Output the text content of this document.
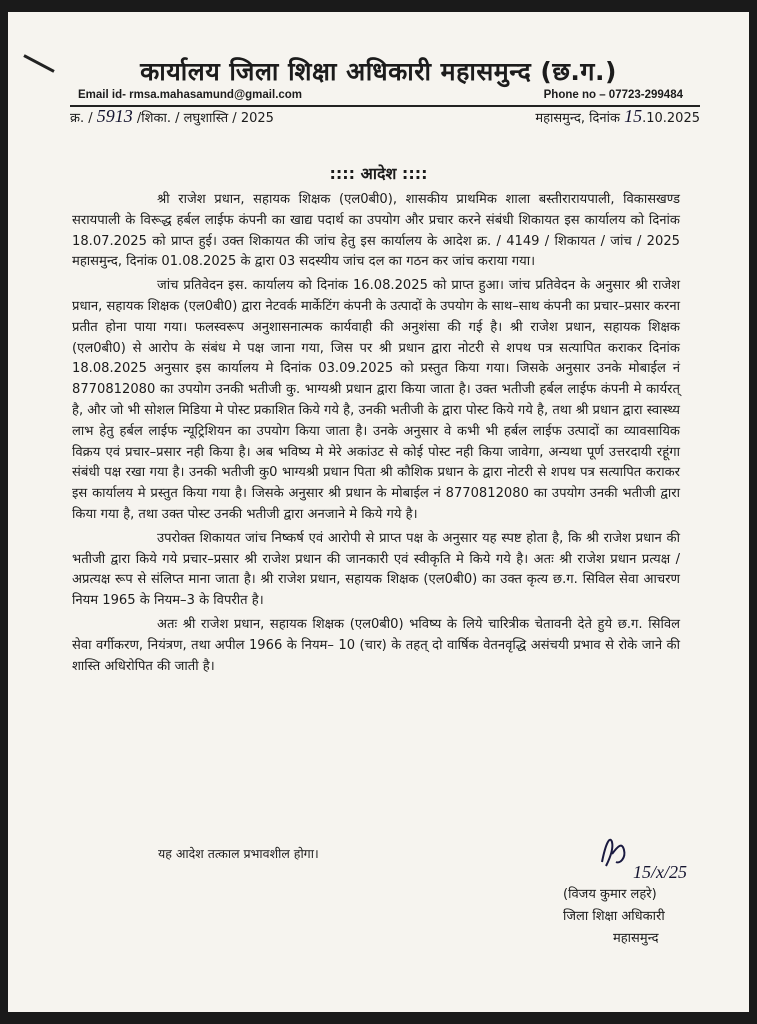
कार्यालय जिला शिक्षा अधिकारी महासमुन्द (छ.ग.)
Email id- rmsa.mahasamund@gmail.com	Phone no – 07723-299484
क्र. / 5913 /शिका. / लघुशास्ति / 2025	महासमुन्द, दिनांक 15.10.2025
:::: आदेश ::::

श्री राजेश प्रधान, सहायक शिक्षक (एल0बी0), शासकीय प्राथमिक शाला बस्तीरारायपाली, विकासखण्ड सरायपाली के विरूद्ध हर्बल लाईफ कंपनी का खाद्य पदार्थ का उपयोग और प्रचार करने संबंधी शिकायत इस कार्यालय को दिनांक 18.07.2025 को प्राप्त हुई। उक्त शिकायत की जांच हेतु इस कार्यालय के आदेश क्र. / 4149 / शिकायत / जांच / 2025 महासमुन्द, दिनांक 01.08.2025 के द्वारा 03 सदस्यीय जांच दल का गठन कर जांच कराया गया।

जांच प्रतिवेदन इस. कार्यालय को दिनांक 16.08.2025 को प्राप्त हुआ। जांच प्रतिवेदन के अनुसार श्री राजेश प्रधान, सहायक शिक्षक (एल0बी0) द्वारा नेटवर्क मार्केटिंग कंपनी के उत्पादों के उपयोग के साथ–साथ कंपनी का प्रचार–प्रसार करना प्रतीत होना पाया गया। फलस्वरूप अनुशासनात्मक कार्यवाही की अनुशंसा की गई है। श्री राजेश प्रधान, सहायक शिक्षक (एल0बी0) से आरोप के संबंध मे पक्ष जाना गया, जिस पर श्री प्रधान द्वारा नोटरी से शपथ पत्र सत्यापित कराकर दिनांक 18.08.2025 अनुसार इस कार्यालय मे दिनांक 03.09.2025 को प्रस्तुत किया गया। जिसके अनुसार उनके मोबाईल नं 8770812080 का उपयोग उनकी भतीजी कु. भाग्यश्री प्रधान द्वारा किया जाता है। उक्त भतीजी हर्बल लाईफ कंपनी मे कार्यरत् है, और जो भी सोशल मिडिया मे पोस्ट प्रकाशित किये गये है, उनकी भतीजी के द्वारा पोस्ट किये गये है, तथा श्री प्रधान द्वारा स्वास्थ्य लाभ हेतु हर्बल लाईफ न्यूट्रिशियन का उपयोग किया जाता है। उनके अनुसार वे कभी भी हर्बल लाईफ उत्पादों का व्यावसायिक विक्रय एवं प्रचार–प्रसार नही किया है। अब भविष्य मे मेरे अकांउट से कोई पोस्ट नही किया जावेगा, अन्यथा पूर्ण उत्तरदायी रहूंगा संबंधी पक्ष रखा गया है। उनकी भतीजी कु0 भाग्यश्री प्रधान पिता श्री कौशिक प्रधान के द्वारा नोटरी से शपथ पत्र सत्यापित कराकर इस कार्यालय मे प्रस्तुत किया गया है। जिसके अनुसार श्री प्रधान के मोबाईल नं 8770812080 का उपयोग उनकी भतीजी द्वारा किया गया है, तथा उक्त पोस्ट उनकी भतीजी द्वारा अनजाने मे किये गये है।

उपरोक्त शिकायत जांच निष्कर्ष एवं आरोपी से प्राप्त पक्ष के अनुसार यह स्पष्ट होता है, कि श्री राजेश प्रधान की भतीजी द्वारा किये गये प्रचार–प्रसार श्री राजेश प्रधान की जानकारी एवं स्वीकृति मे किये गये है। अतः श्री राजेश प्रधान प्रत्यक्ष / अप्रत्यक्ष रूप से संलिप्त माना जाता है। श्री राजेश प्रधान, सहायक शिक्षक (एल0बी0) का उक्त कृत्य छ.ग. सिविल सेवा आचरण नियम 1965 के नियम–3 के विपरीत है।

अतः श्री राजेश प्रधान, सहायक शिक्षक (एल0बी0) भविष्य के लिये चारित्रीक चेतावनी देते हुये छ.ग. सिविल सेवा वर्गीकरण, नियंत्रण, तथा अपील 1966 के नियम– 10 (चार) के तहत् दो वार्षिक वेतनवृद्धि असंचयी प्रभाव से रोके जाने की शास्ति अधिरोपित की जाती है।

यह आदेश तत्काल प्रभावशील होगा।
15/x/25
(विजय कुमार लहरे)
जिला शिक्षा अधिकारी
महासमुन्द
